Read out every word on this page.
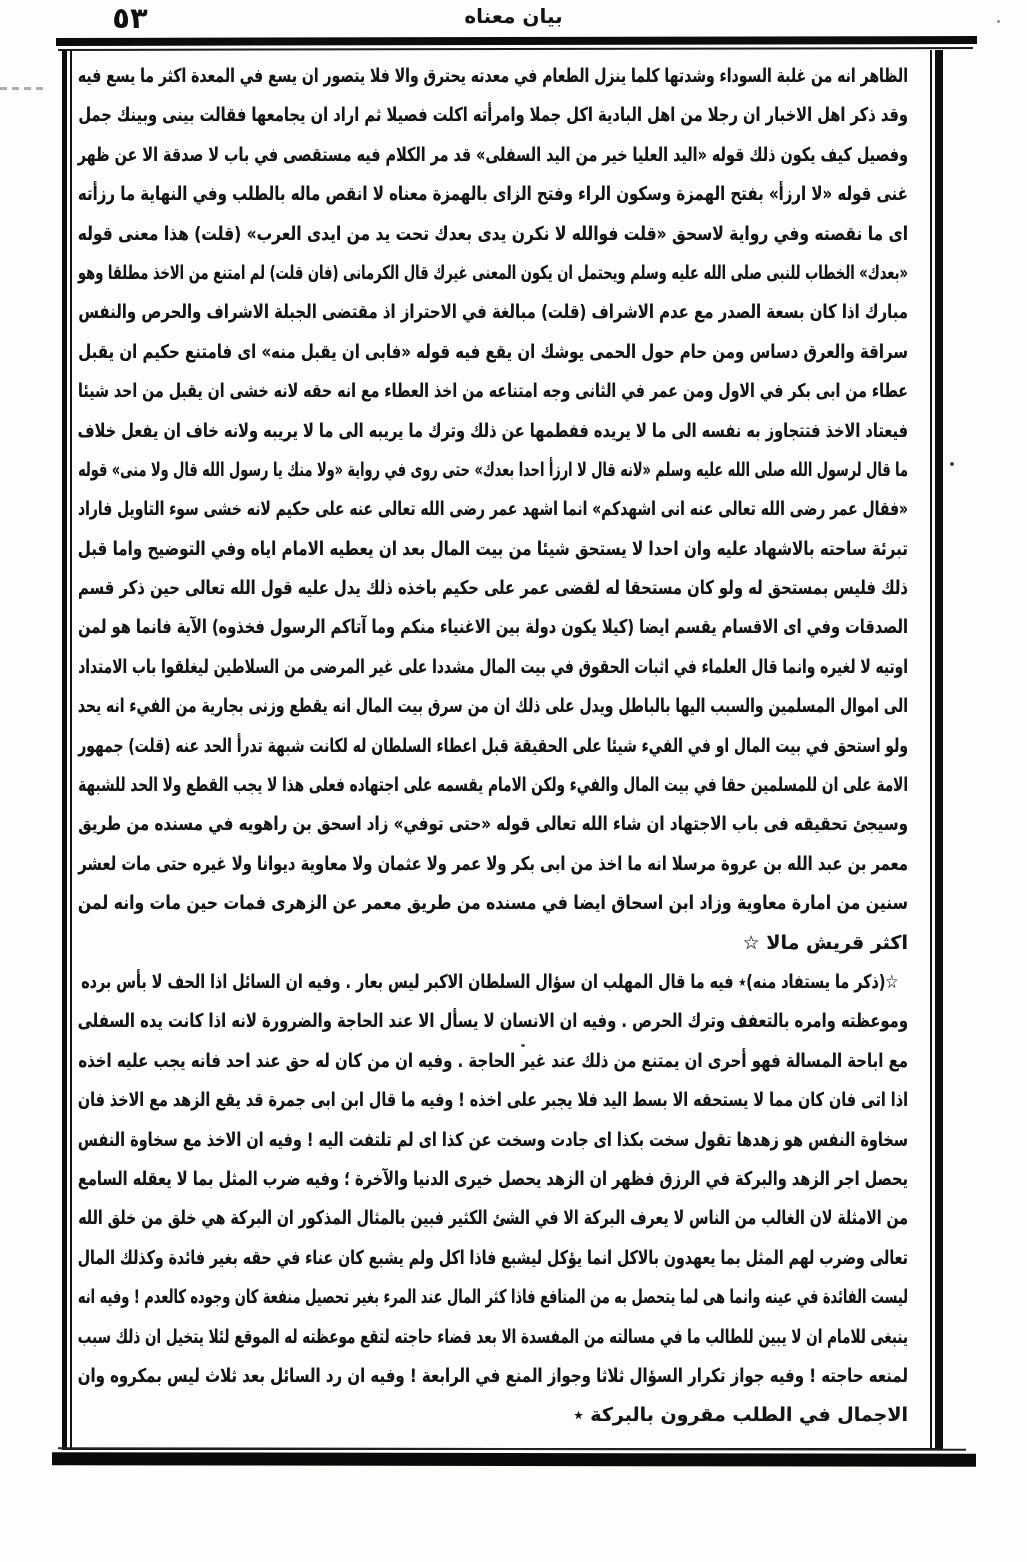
٥٣	بيان معناه
الظاهر انه من غلبة السوداء وشدتها كلما ينزل الطعام في معدته يحترق والا فلا يتصور ان يسع في المعدة اكثر ما يسع فيه
وقد ذكر اهل الاخبار ان رجلا من اهل البادية اكل جملا وامرأته اكلت فصيلا ثم اراد ان يجامعها فقالت بينى وبينك جمل
وفصيل كيف يكون ذلك قوله «اليد العليا خير من اليد السفلى» قد مر الكلام فيه مستقصى في باب لا صدقة الا عن ظهر
غنى قوله «لا ارزأ» بفتح الهمزة وسكون الراء وفتح الزاى بالهمزة معناه لا انقص ماله بالطلب وفي النهاية ما رزأته
اى ما نقصته وفي رواية لاسحق «قلت فوالله لا نكرن يدى بعدك تحت يد من ايدى العرب» (قلت) هذا معنى قوله
«بعدك» الخطاب للنبى صلى الله عليه وسلم ويحتمل ان يكون المعنى غيرك قال الكرمانى (فان قلت) لم امتنع من الاخذ مطلقا وهو
مبارك اذا كان بسعة الصدر مع عدم الاشراف (قلت) مبالغة في الاحتراز اذ مقتضى الجبلة الاشراف والحرص والنفس
سراقة والعرق دساس ومن حام حول الحمى يوشك ان يقع فيه قوله «فابى ان يقبل منه» اى فامتنع حكيم ان يقبل
عطاء من ابى بكر في الاول ومن عمر في الثانى وجه امتناعه من اخذ العطاء مع انه حقه لانه خشى ان يقبل من احد شيئا
فيعتاد الاخذ فتتجاوز به نفسه الى ما لا يريده ففطمها عن ذلك وترك ما يريبه الى ما لا يريبه ولانه خاف ان يفعل خلاف
ما قال لرسول الله صلى الله عليه وسلم «لانه قال لا ارزأ احدا بعدك» حتى روى في رواية «ولا منك يا رسول الله قال ولا منى» قوله
«فقال عمر رضى الله تعالى عنه انى اشهدكم» انما اشهد عمر رضى الله تعالى عنه على حكيم لانه خشى سوء التاويل فاراد
تبرئة ساحته بالاشهاد عليه وان احدا لا يستحق شيئا من بيت المال بعد ان يعطيه الامام اياه وفي التوضيح واما قبل
ذلك فليس بمستحق له ولو كان مستحقا له لقضى عمر على حكيم باخذه ذلك يدل عليه قول الله تعالى حين ذكر قسم
الصدقات وفي اى الاقسام يقسم ايضا (كيلا يكون دولة بين الاغنياء منكم وما آتاكم الرسول فخذوه) الآية فانما هو لمن
اوتيه لا لغيره وانما قال العلماء في اثبات الحقوق في بيت المال مشددا على غير المرضى من السلاطين ليغلقوا باب الامتداد
الى اموال المسلمين والسبب اليها بالباطل ويدل على ذلك ان من سرق بيت المال انه يقطع وزنى بجارية من الفيء انه يحد
ولو استحق في بيت المال او في الفيء شيئا على الحقيقة قبل اعطاء السلطان له لكانت شبهة تدرأ الحد عنه (قلت) جمهور
الامة على ان للمسلمين حقا في بيت المال والفيء ولكن الامام يقسمه على اجتهاده فعلى هذا لا يجب القطع ولا الحد للشبهة
وسيجئ تحقيقه فى باب الاجتهاد ان شاء الله تعالى قوله «حتى توفي» زاد اسحق بن راهويه في مسنده من طريق
معمر بن عبد الله بن عروة مرسلا انه ما اخذ من ابى بكر ولا عمر ولا عثمان ولا معاوية ديوانا ولا غيره حتى مات لعشر
سنين من امارة معاوية وزاد ابن اسحاق ايضا في مسنده من طريق معمر عن الزهرى فمات حين مات وانه لمن
اكثر قريش مالا ☆
☆(ذكر ما يستفاد منه)٭ فيه ما قال المهلب ان سؤال السلطان الاكبر ليس بعار . وفيه ان السائل اذا الحف لا بأس برده
وموعظته وامره بالتعفف وترك الحرص . وفيه ان الانسان لا يسأل الا عند الحاجة والضرورة لانه اذا كانت يده السفلى
مع اباحة المسالة فهو أحرى ان يمتنع من ذلك عند غير الحاجة . وفيه ان من كان له حق عند احد فانه يجب عليه اخذه
اذا اتى فان كان مما لا يستحقه الا بسط اليد فلا يجبر على اخذه ! وفيه ما قال ابن ابى جمرة قد يقع الزهد مع الاخذ فان
سخاوة النفس هو زهدها تقول سخت بكذا اى جادت وسخت عن كذا اى لم تلتفت اليه ! وفيه ان الاخذ مع سخاوة النفس
يحصل اجر الزهد والبركة في الرزق فظهر ان الزهد يحصل خيرى الدنيا والآخرة ؛ وفيه ضرب المثل بما لا يعقله السامع
من الامثلة لان الغالب من الناس لا يعرف البركة الا في الشئ الكثير فبين بالمثال المذكور ان البركة هي خلق من خلق الله
تعالى وضرب لهم المثل بما يعهدون بالاكل انما يؤكل ليشبع فاذا اكل ولم يشبع كان عناء في حقه بغير فائدة وكذلك المال
ليست الفائدة في عينه وانما هى لما يتحصل به من المنافع فاذا كثر المال عند المرء بغير تحصيل منفعة كان وجوده كالعدم ! وفيه انه
ينبغى للامام ان لا يبين للطالب ما في مسالته من المفسدة الا بعد قضاء حاجته لتقع موعظته له الموقع لئلا يتخيل ان ذلك سبب
لمنعه حاجته ! وفيه جواز تكرار السؤال ثلاثا وجواز المنع في الرابعة ! وفيه ان رد السائل بعد ثلاث ليس بمكروه وان
الاجمال في الطلب مقرون بالبركة ٭
